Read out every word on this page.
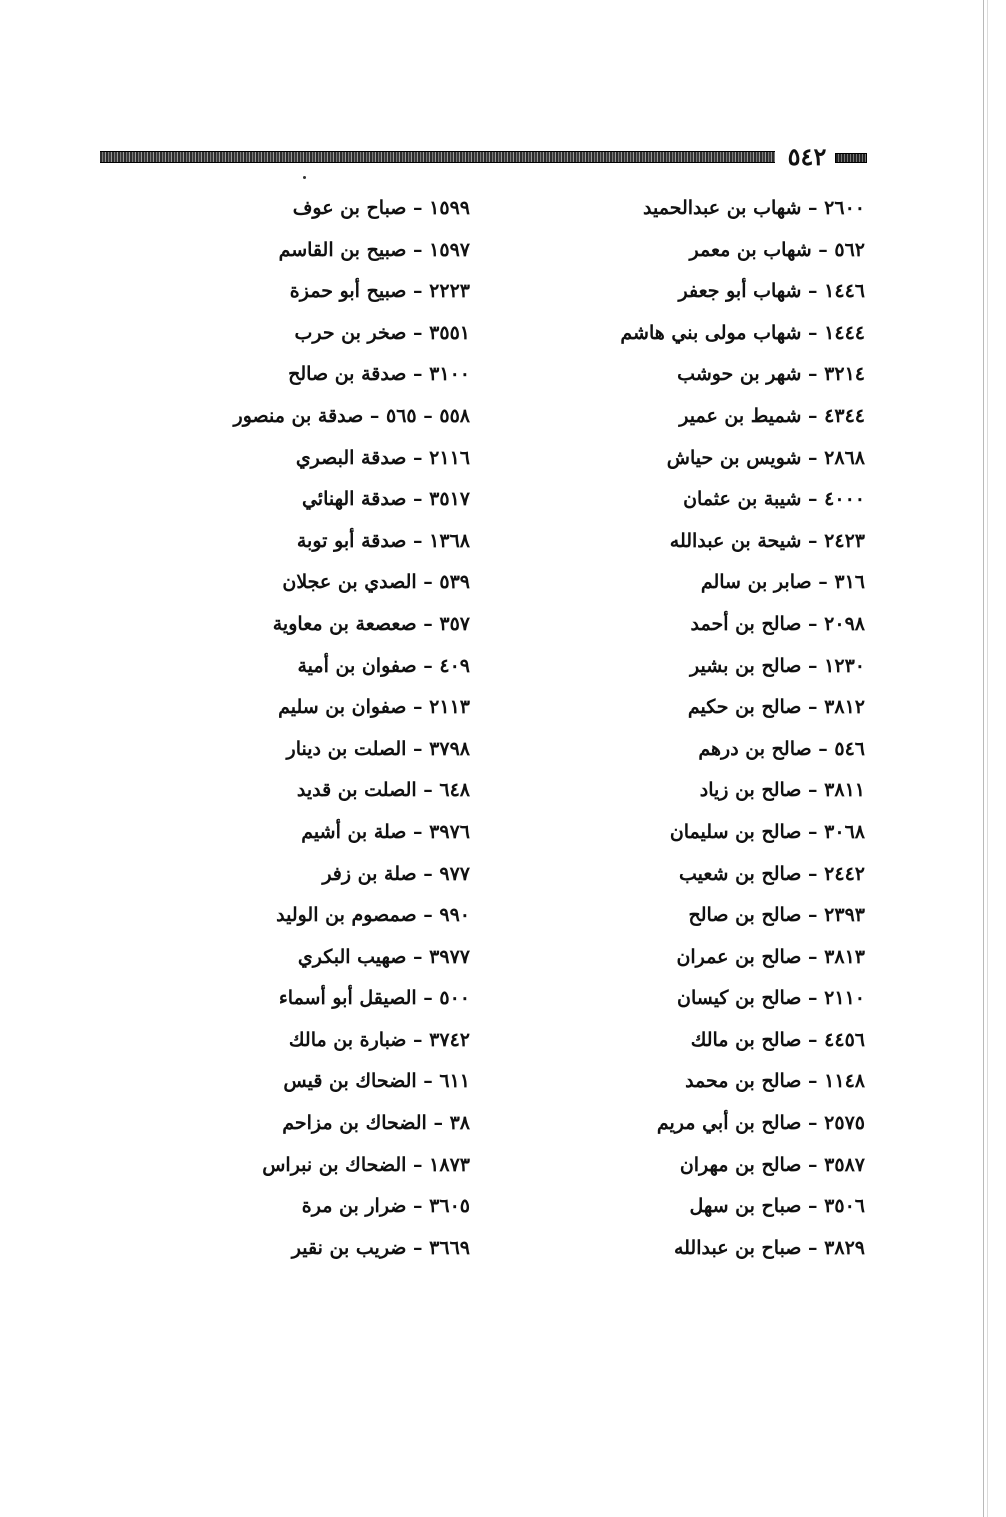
٥٤٢
٢٦٠٠ – شهاب بن عبدالحميد
٥٦٢ – شهاب بن معمر
١٤٤٦ – شهاب أبو جعفر
١٤٤٤ – شهاب مولى بني هاشم
٣٢١٤ – شهر بن حوشب
٤٣٤٤ – شميط بن عمير
٢٨٦٨ – شويس بن حياش
٤٠٠٠ – شيبة بن عثمان
٢٤٢٣ – شيحة بن عبدالله
٣١٦ – صابر بن سالم
٢٠٩٨ – صالح بن أحمد
١٢٣٠ – صالح بن بشير
٣٨١٢ – صالح بن حكيم
٥٤٦ – صالح بن درهم
٣٨١١ – صالح بن زياد
٣٠٦٨ – صالح بن سليمان
٢٤٤٢ – صالح بن شعيب
٢٣٩٣ – صالح بن صالح
٣٨١٣ – صالح بن عمران
٢١١٠ – صالح بن كيسان
٤٤٥٦ – صالح بن مالك
١١٤٨ – صالح بن محمد
٢٥٧٥ – صالح بن أبي مريم
٣٥٨٧ – صالح بن مهران
٣٥٠٦ – صباح بن سهل
٣٨٢٩ – صباح بن عبدالله
١٥٩٩ – صباح بن عوف
١٥٩٧ – صبيح بن القاسم
٢٢٢٣ – صبيح أبو حمزة
٣٥٥١ – صخر بن حرب
٣١٠٠ – صدقة بن صالح
٥٥٨ – ٥٦٥ – صدقة بن منصور
٢١١٦ – صدقة البصري
٣٥١٧ – صدقة الهنائي
١٣٦٨ – صدقة أبو توبة
٥٣٩ – الصدي بن عجلان
٣٥٧ – صعصعة بن معاوية
٤٠٩ – صفوان بن أمية
٢١١٣ – صفوان بن سليم
٣٧٩٨ – الصلت بن دينار
٦٤٨ – الصلت بن قديد
٣٩٧٦ – صلة بن أشيم
٩٧٧ – صلة بن زفر
٩٩٠ – صمصوم بن الوليد
٣٩٧٧ – صهيب البكري
٥٠٠ – الصيقل أبو أسماء
٣٧٤٢ – ضبارة بن مالك
٦١١ – الضحاك بن قيس
٣٨ – الضحاك بن مزاحم
١٨٧٣ – الضحاك بن نبراس
٣٦٠٥ – ضرار بن مرة
٣٦٦٩ – ضريب بن نقير
